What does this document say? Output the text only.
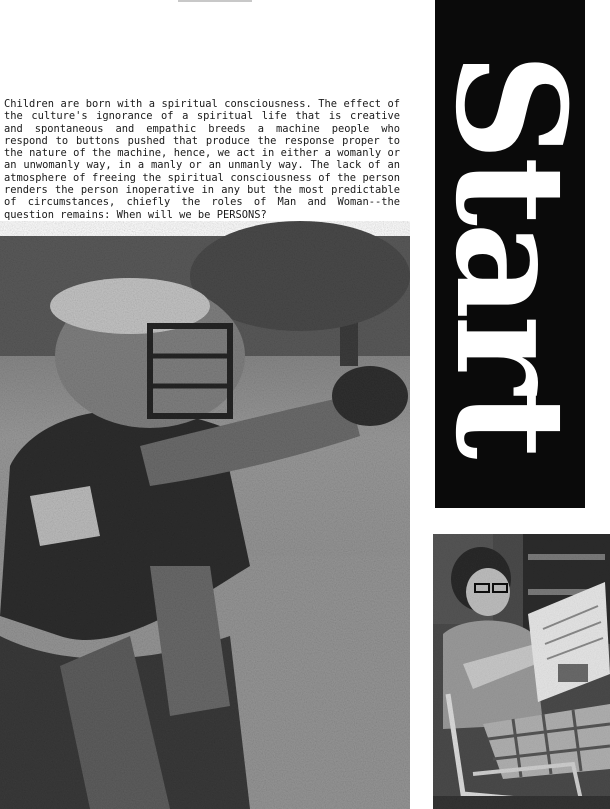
Children are born with a spiritual consciousness. The effect of the culture's ignorance of a spiritual life that is creative and spontaneous and empathic breeds a machine people who respond to buttons pushed that produce the response proper to the nature of the machine, hence, we act in either a womanly or an unwomanly way, in a manly or an unmanly way. The lack of an atmosphere of freeing the spiritual consciousness of the person renders the person inoperative in any but the most predictable of circumstances, chiefly the roles of Man and Woman--the question remains: When will we be PERSONS?	Start
